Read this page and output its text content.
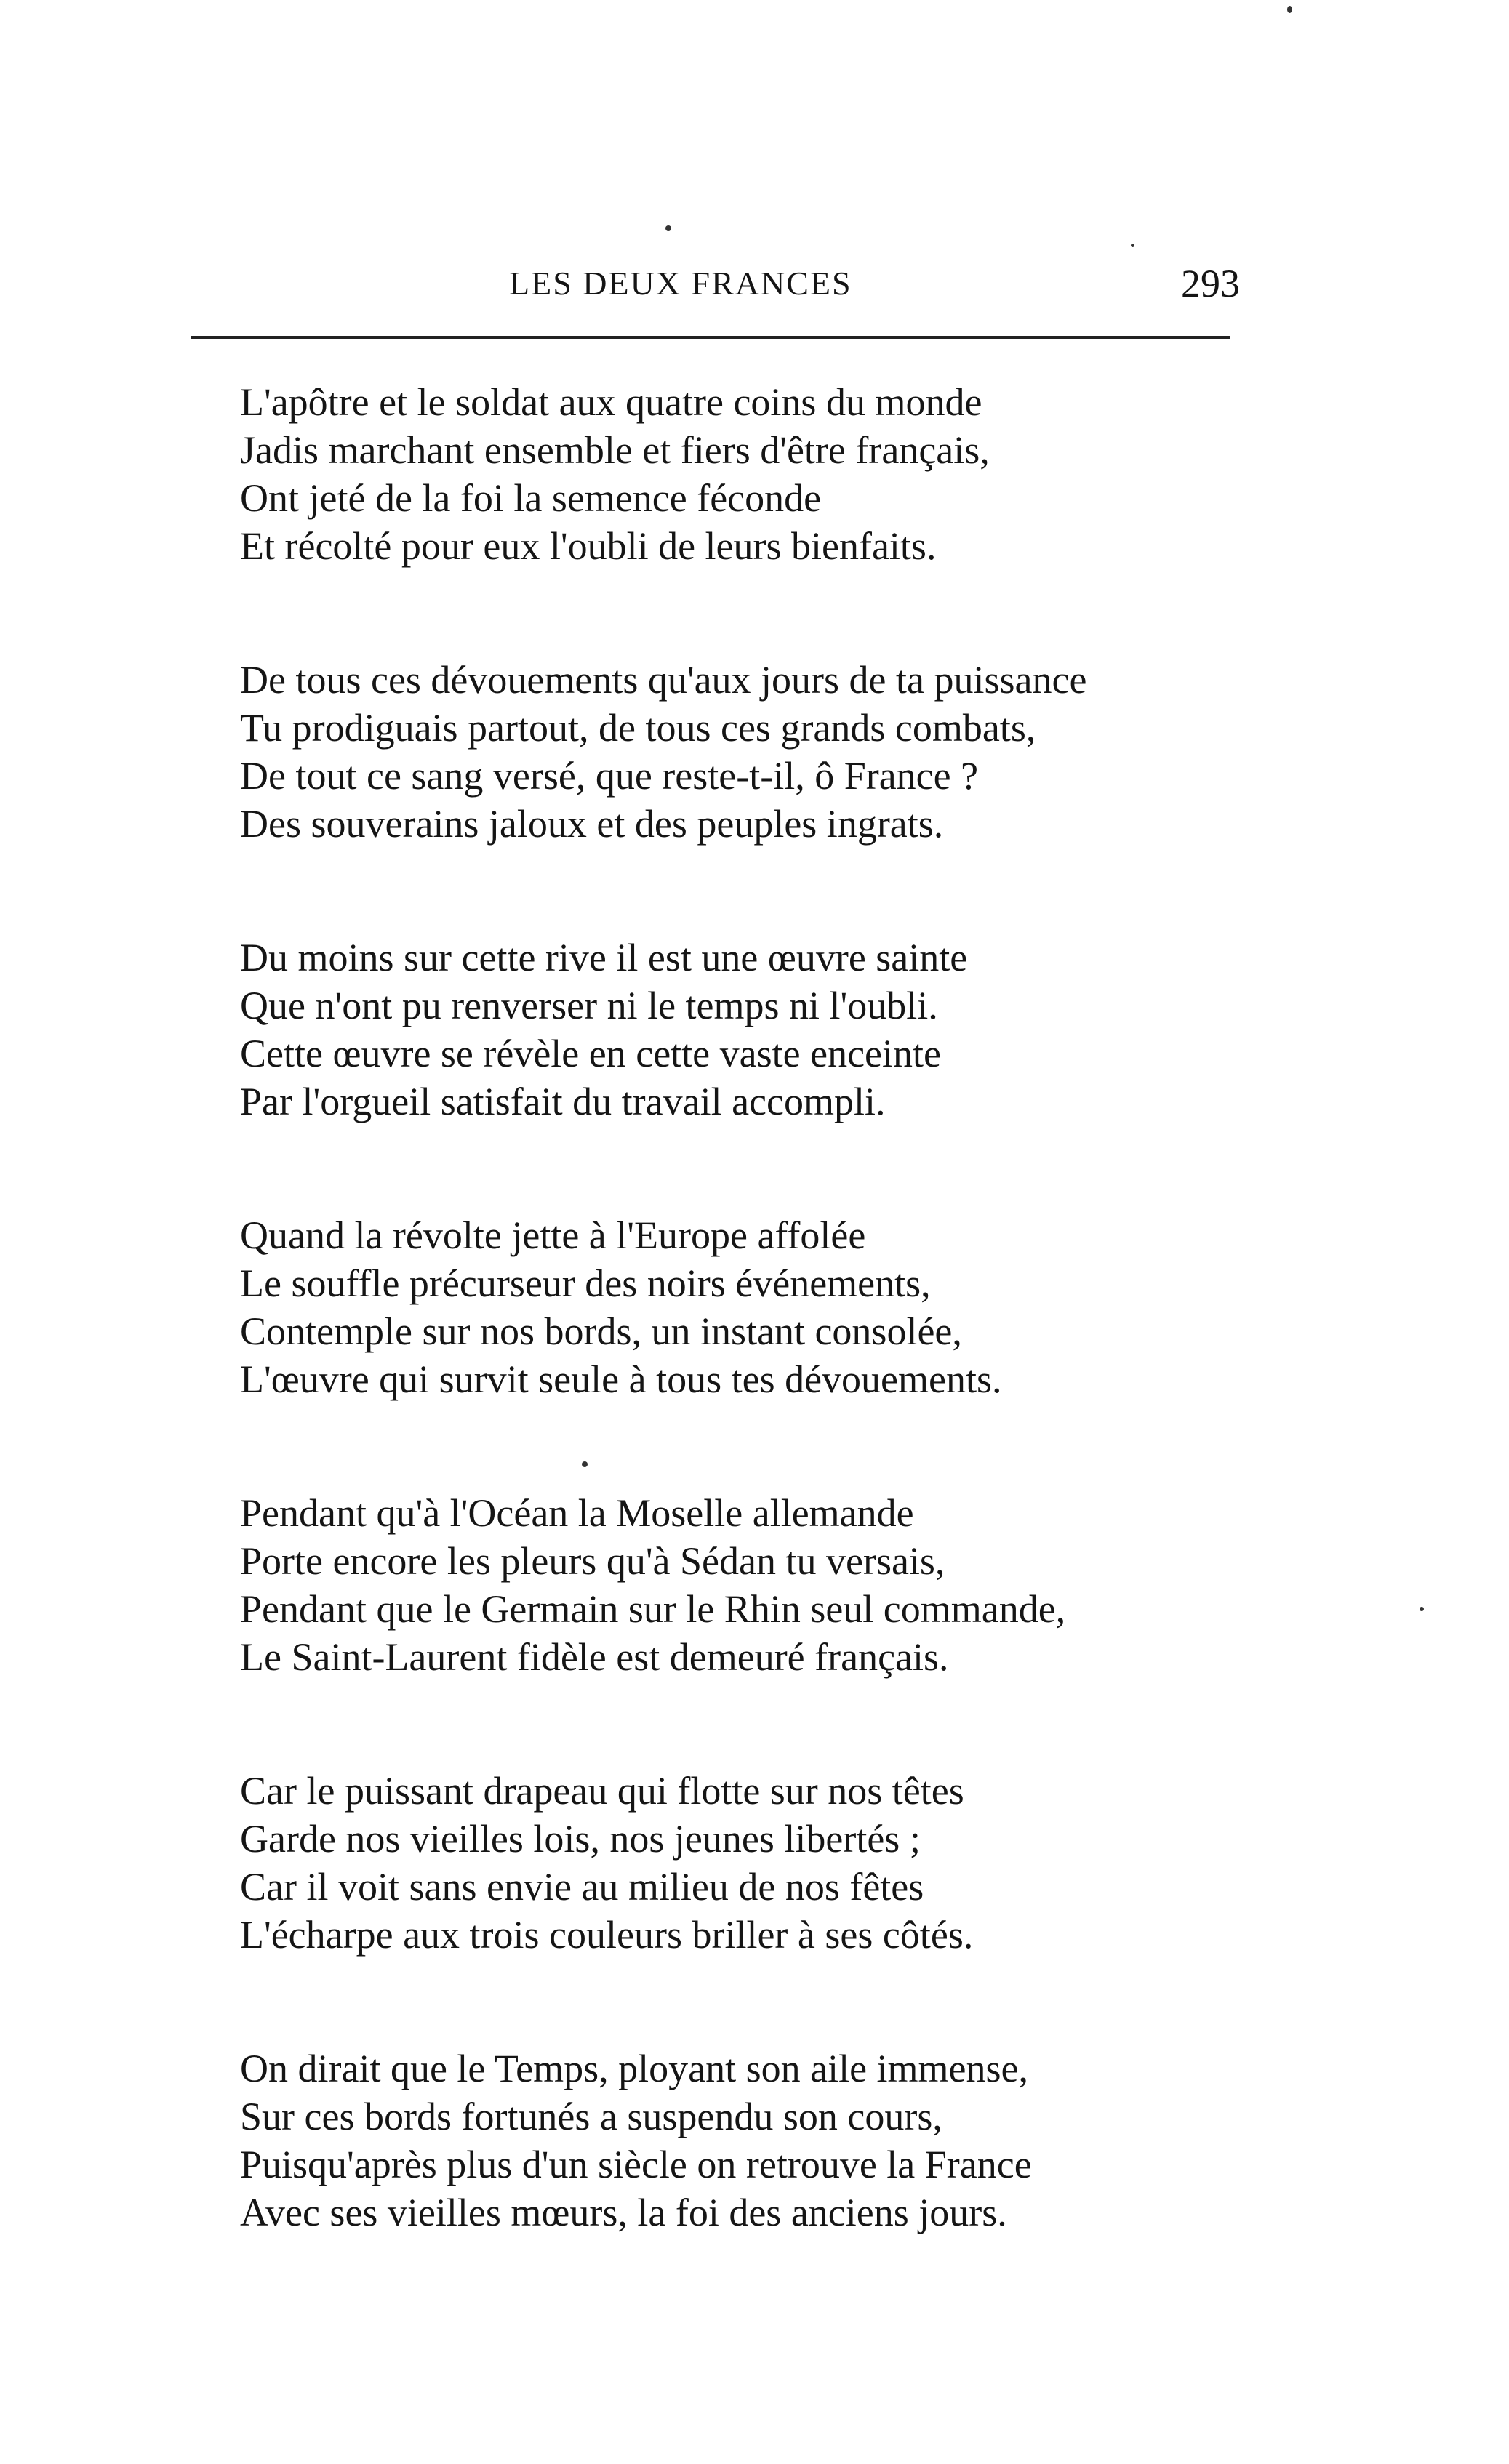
LES DEUX FRANCES	293
L'apôtre et le soldat aux quatre coins du monde
Jadis marchant ensemble et fiers d'être français,
Ont jeté de la foi la semence féconde
Et récolté pour eux l'oubli de leurs bienfaits.
De tous ces dévouements qu'aux jours de ta puissance
Tu prodiguais partout, de tous ces grands combats,
De tout ce sang versé, que reste-t-il, ô France ?
Des souverains jaloux et des peuples ingrats.
Du moins sur cette rive il est une œuvre sainte
Que n'ont pu renverser ni le temps ni l'oubli.
Cette œuvre se révèle en cette vaste enceinte
Par l'orgueil satisfait du travail accompli.
Quand la révolte jette à l'Europe affolée
Le souffle précurseur des noirs événements,
Contemple sur nos bords, un instant consolée,
L'œuvre qui survit seule à tous tes dévouements.
Pendant qu'à l'Océan la Moselle allemande
Porte encore les pleurs qu'à Sédan tu versais,
Pendant que le Germain sur le Rhin seul commande,
Le Saint-Laurent fidèle est demeuré français.
Car le puissant drapeau qui flotte sur nos têtes
Garde nos vieilles lois, nos jeunes libertés ;
Car il voit sans envie au milieu de nos fêtes
L'écharpe aux trois couleurs briller à ses côtés.
On dirait que le Temps, ployant son aile immense,
Sur ces bords fortunés a suspendu son cours,
Puisqu'après plus d'un siècle on retrouve la France
Avec ses vieilles mœurs, la foi des anciens jours.
